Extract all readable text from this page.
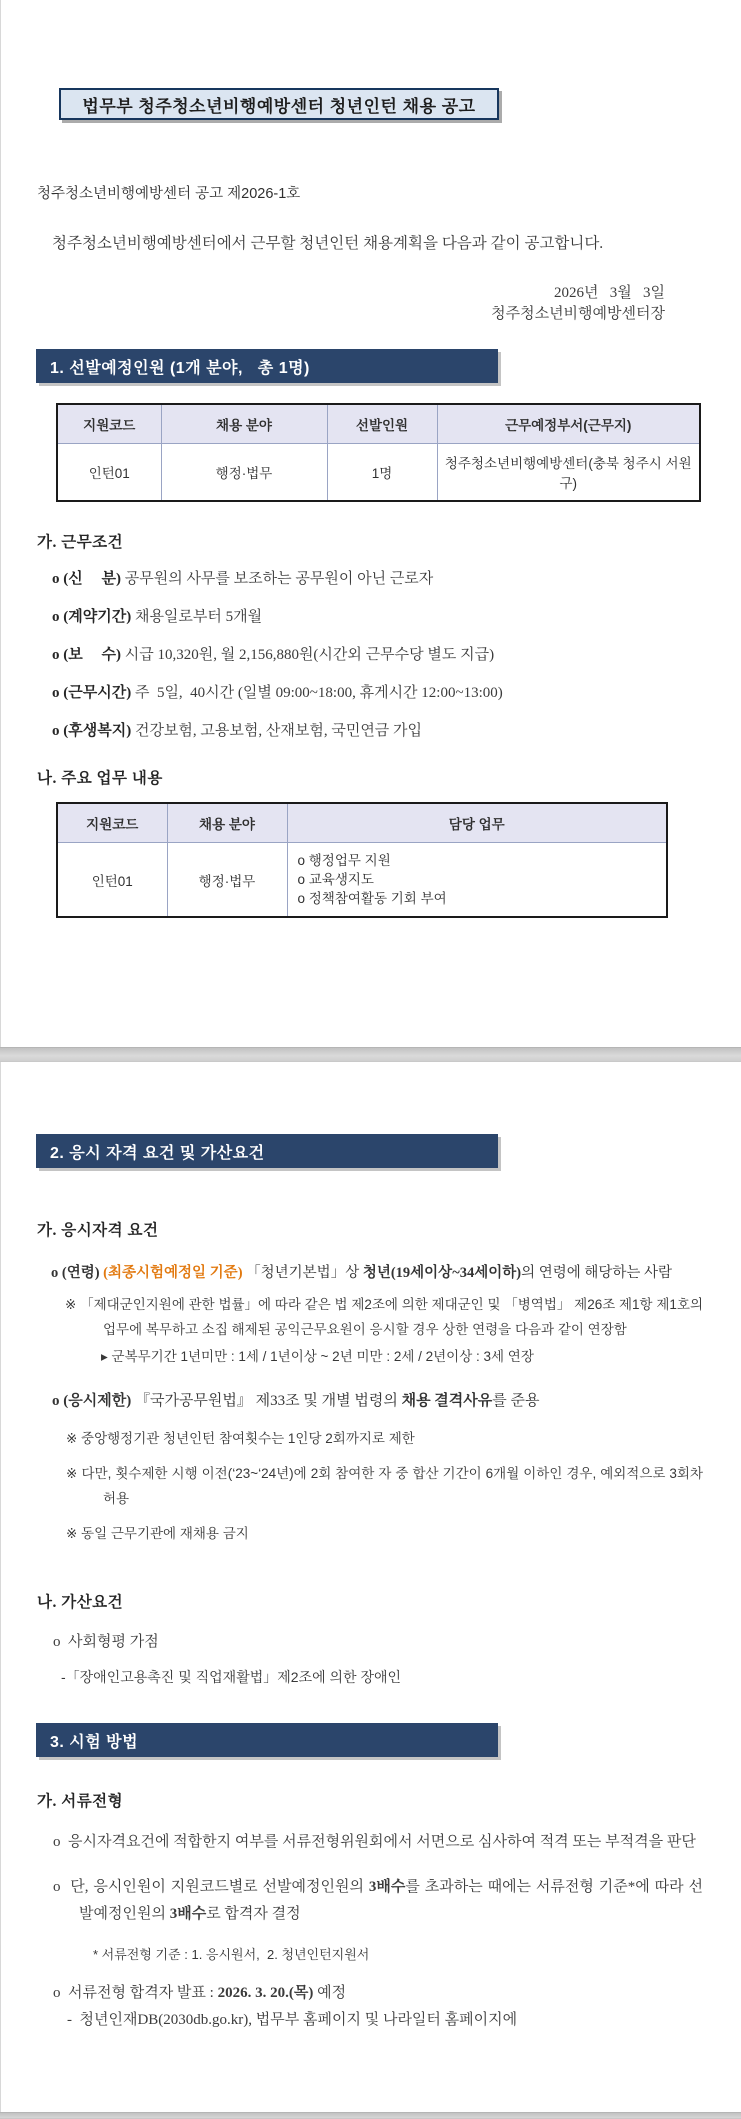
법무부 청주청소년비행예방센터 청년인턴 채용 공고
청주청소년비행예방센터 공고 제2026-1호

청주청소년비행예방센터에서 근무할 청년인턴 채용계획을 다음과 같이 공고합니다.

2026년   3월   3일
청주청소년비행예방센터장
1. 선발예정인원 (1개 분야,   총 1명)
지원코드	채용 분야	선발인원	근무예정부서(근무지)
인턴01	행정·법무	1명	청주청소년비행예방센터(충북 청주시 서원구)
가. 근무조건
o (신     분) 공무원의 사무를 보조하는 공무원이 아닌 근로자
o (계약기간) 채용일로부터 5개월
o (보     수) 시급 10,320원, 월 2,156,880원(시간외 근무수당 별도 지급)
o (근무시간) 주  5일,  40시간 (일별 09:00~18:00, 휴게시간 12:00~13:00)
o (후생복지) 건강보험, 고용보험, 산재보험, 국민연금 가입
나. 주요 업무 내용
지원코드	채용 분야	담당 업무
인턴01	행정·법무	o 행정업무 지원
o 교육생지도
o 정책참여활동 기회 부여
2. 응시 자격 요건 및 가산요건
가. 응시자격 요건
o (연령) (최종시험예정일 기준) 「청년기본법」상 청년(19세이상~34세이하)의 연령에 해당하는 사람
※ 「제대군인지원에 관한 법률」에 따라 같은 법 제2조에 의한 제대군인 및 「병역법」 제26조 제1항 제1호의 업무에 복무하고 소집 해제된 공익근무요원이 응시할 경우 상한 연령을 다음과 같이 연장함
▸ 군복무기간 1년미만 : 1세 / 1년이상 ~ 2년 미만 : 2세 / 2년이상 : 3세 연장
o (응시제한) 『국가공무원법』 제33조 및 개별 법령의 채용 결격사유를 준용
※ 중앙행정기관 청년인턴 참여횟수는 1인당 2회까지로 제한
※ 다만, 횟수제한 시행 이전(‘23~‘24년)에 2회 참여한 자 중 합산 기간이 6개월 이하인 경우, 예외적으로 3회차 허용
※ 동일 근무기관에 재채용 금지
나. 가산요건
o  사회형평 가점
-「장애인고용촉진 및 직업재활법」제2조에 의한 장애인
3. 시험 방법
가. 서류전형
o  응시자격요건에 적합한지 여부를 서류전형위원회에서 서면으로 심사하여 적격 또는 부적격을 판단
o  단, 응시인원이 지원코드별로 선발예정인원의 3배수를 초과하는 때에는 서류전형 기준*에 따라 선발예정인원의 3배수로 합격자 결정
* 서류전형 기준 : 1. 응시원서,  2. 청년인턴지원서
o  서류전형 합격자 발표 : 2026. 3. 20.(목) 예정
-  청년인재DB(2030db.go.kr), 법무부 홈페이지 및 나라일터 홈페이지에
